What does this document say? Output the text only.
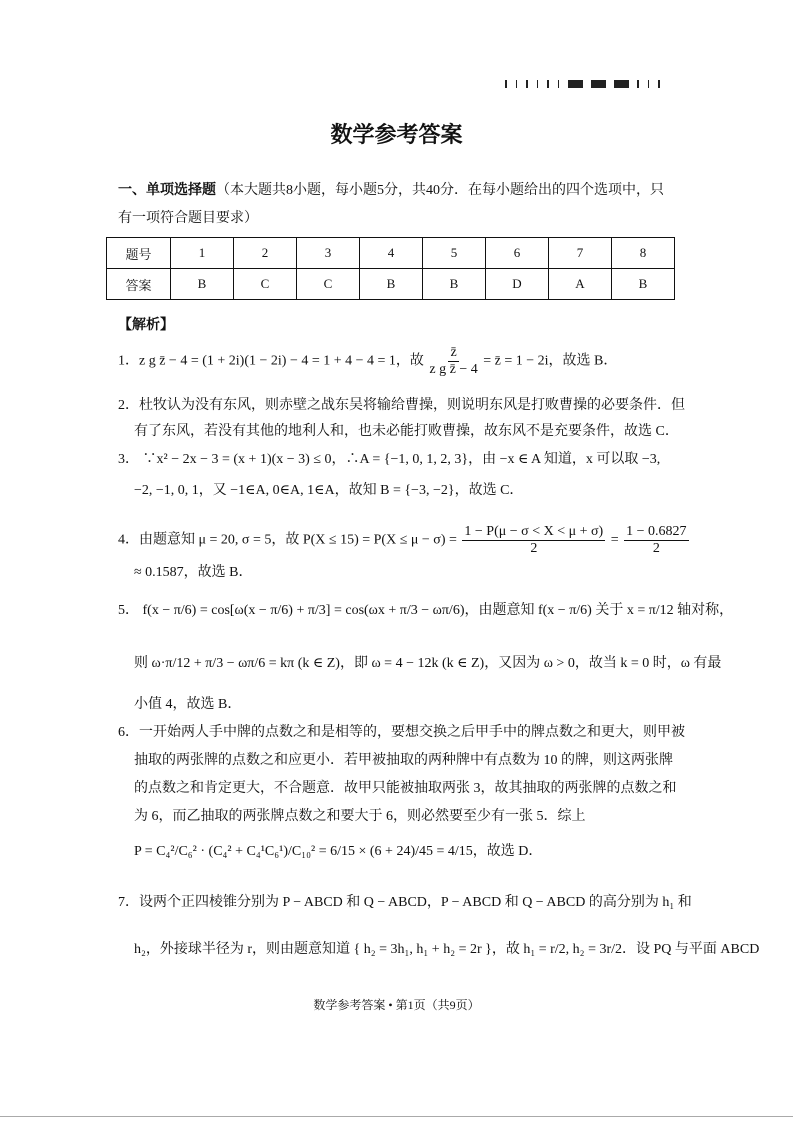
数学参考答案
一、单项选择题（本大题共8小题，每小题5分，共40分．在每小题给出的四个选项中，只
有一项符合题目要求）
题号	1	2	3	4	5	6	7	8
答案	B	C	C	B	B	D	A	B
【解析】
1．z g z̄ − 4 = (1 + 2i)(1 − 2i) − 4 = 1 + 4 − 4 = 1，故 $\frac{z̄}{\text{z g z̄ − 4}}$ = z̄ = 1 − 2i，故选 B．
2．杜牧认为没有东风，则赤壁之战东吴将输给曹操，则说明东风是打败曹操的必要条件．但
有了东风，若没有其他的地利人和，也未必能打败曹操，故东风不是充要条件，故选 C．
3． ∵x² − 2x − 3 = (x + 1)(x − 3) ≤ 0，∴A = {−1, 0, 1, 2, 3}，由 −x ∈ A 知道，x 可以取 −3,
−2, −1, 0, 1，又 −1∈A, 0∈A, 1∈A，故知 B = {−3, −2}，故选 C．
4．由题意知 μ = 20, σ = 5，故 $P(X \le 15) = P(X \le \mu - \sigma) = \frac{1 - P(\mu - \sigma < X < \mu + \sigma)}{2} = \frac{1 - 0.6827}{2}$
≈ 0.1587，故选 B．
5． f(x − π/6) = cos[ω(x − π/6) + π/3] = cos(ωx + π/3 − ωπ/6)，由题意知 f(x − π/6) 关于 x = π/12 轴对称，
则 ω·π/12 + π/3 − ωπ/6 = kπ (k ∈ Z)，即 ω = 4 − 12k (k ∈ Z)，又因为 ω > 0，故当 k = 0 时，ω 有最
小值 4，故选 B．
6．一开始两人手中牌的点数之和是相等的，要想交换之后甲手中的牌点数之和更大，则甲被
抽取的两张牌的点数之和应更小．若甲被抽取的两种牌中有点数为 10 的牌，则这两张牌
的点数之和肯定更大，不合题意．故甲只能被抽取两张 3，故其抽取的两张牌的点数之和
为 6，而乙抽取的两张牌点数之和要大于 6，则必然要至少有一张 5．综上
P = C₄²/C₆² · (C₄² + C₄¹C₆¹)/C₁₀² = 6/15 × (6 + 24)/45 = 4/15，故选 D．
7．设两个正四棱锥分别为 P − ABCD 和 Q − ABCD，P − ABCD 和 Q − ABCD 的高分别为 h₁ 和
h₂，外接球半径为 r，则由题意知道 { h₂ = 3h₁, h₁ + h₂ = 2r }，故 h₁ = r/2, h₂ = 3r/2．设 PQ 与平面 ABCD
数学参考答案 • 第1页（共9页）
